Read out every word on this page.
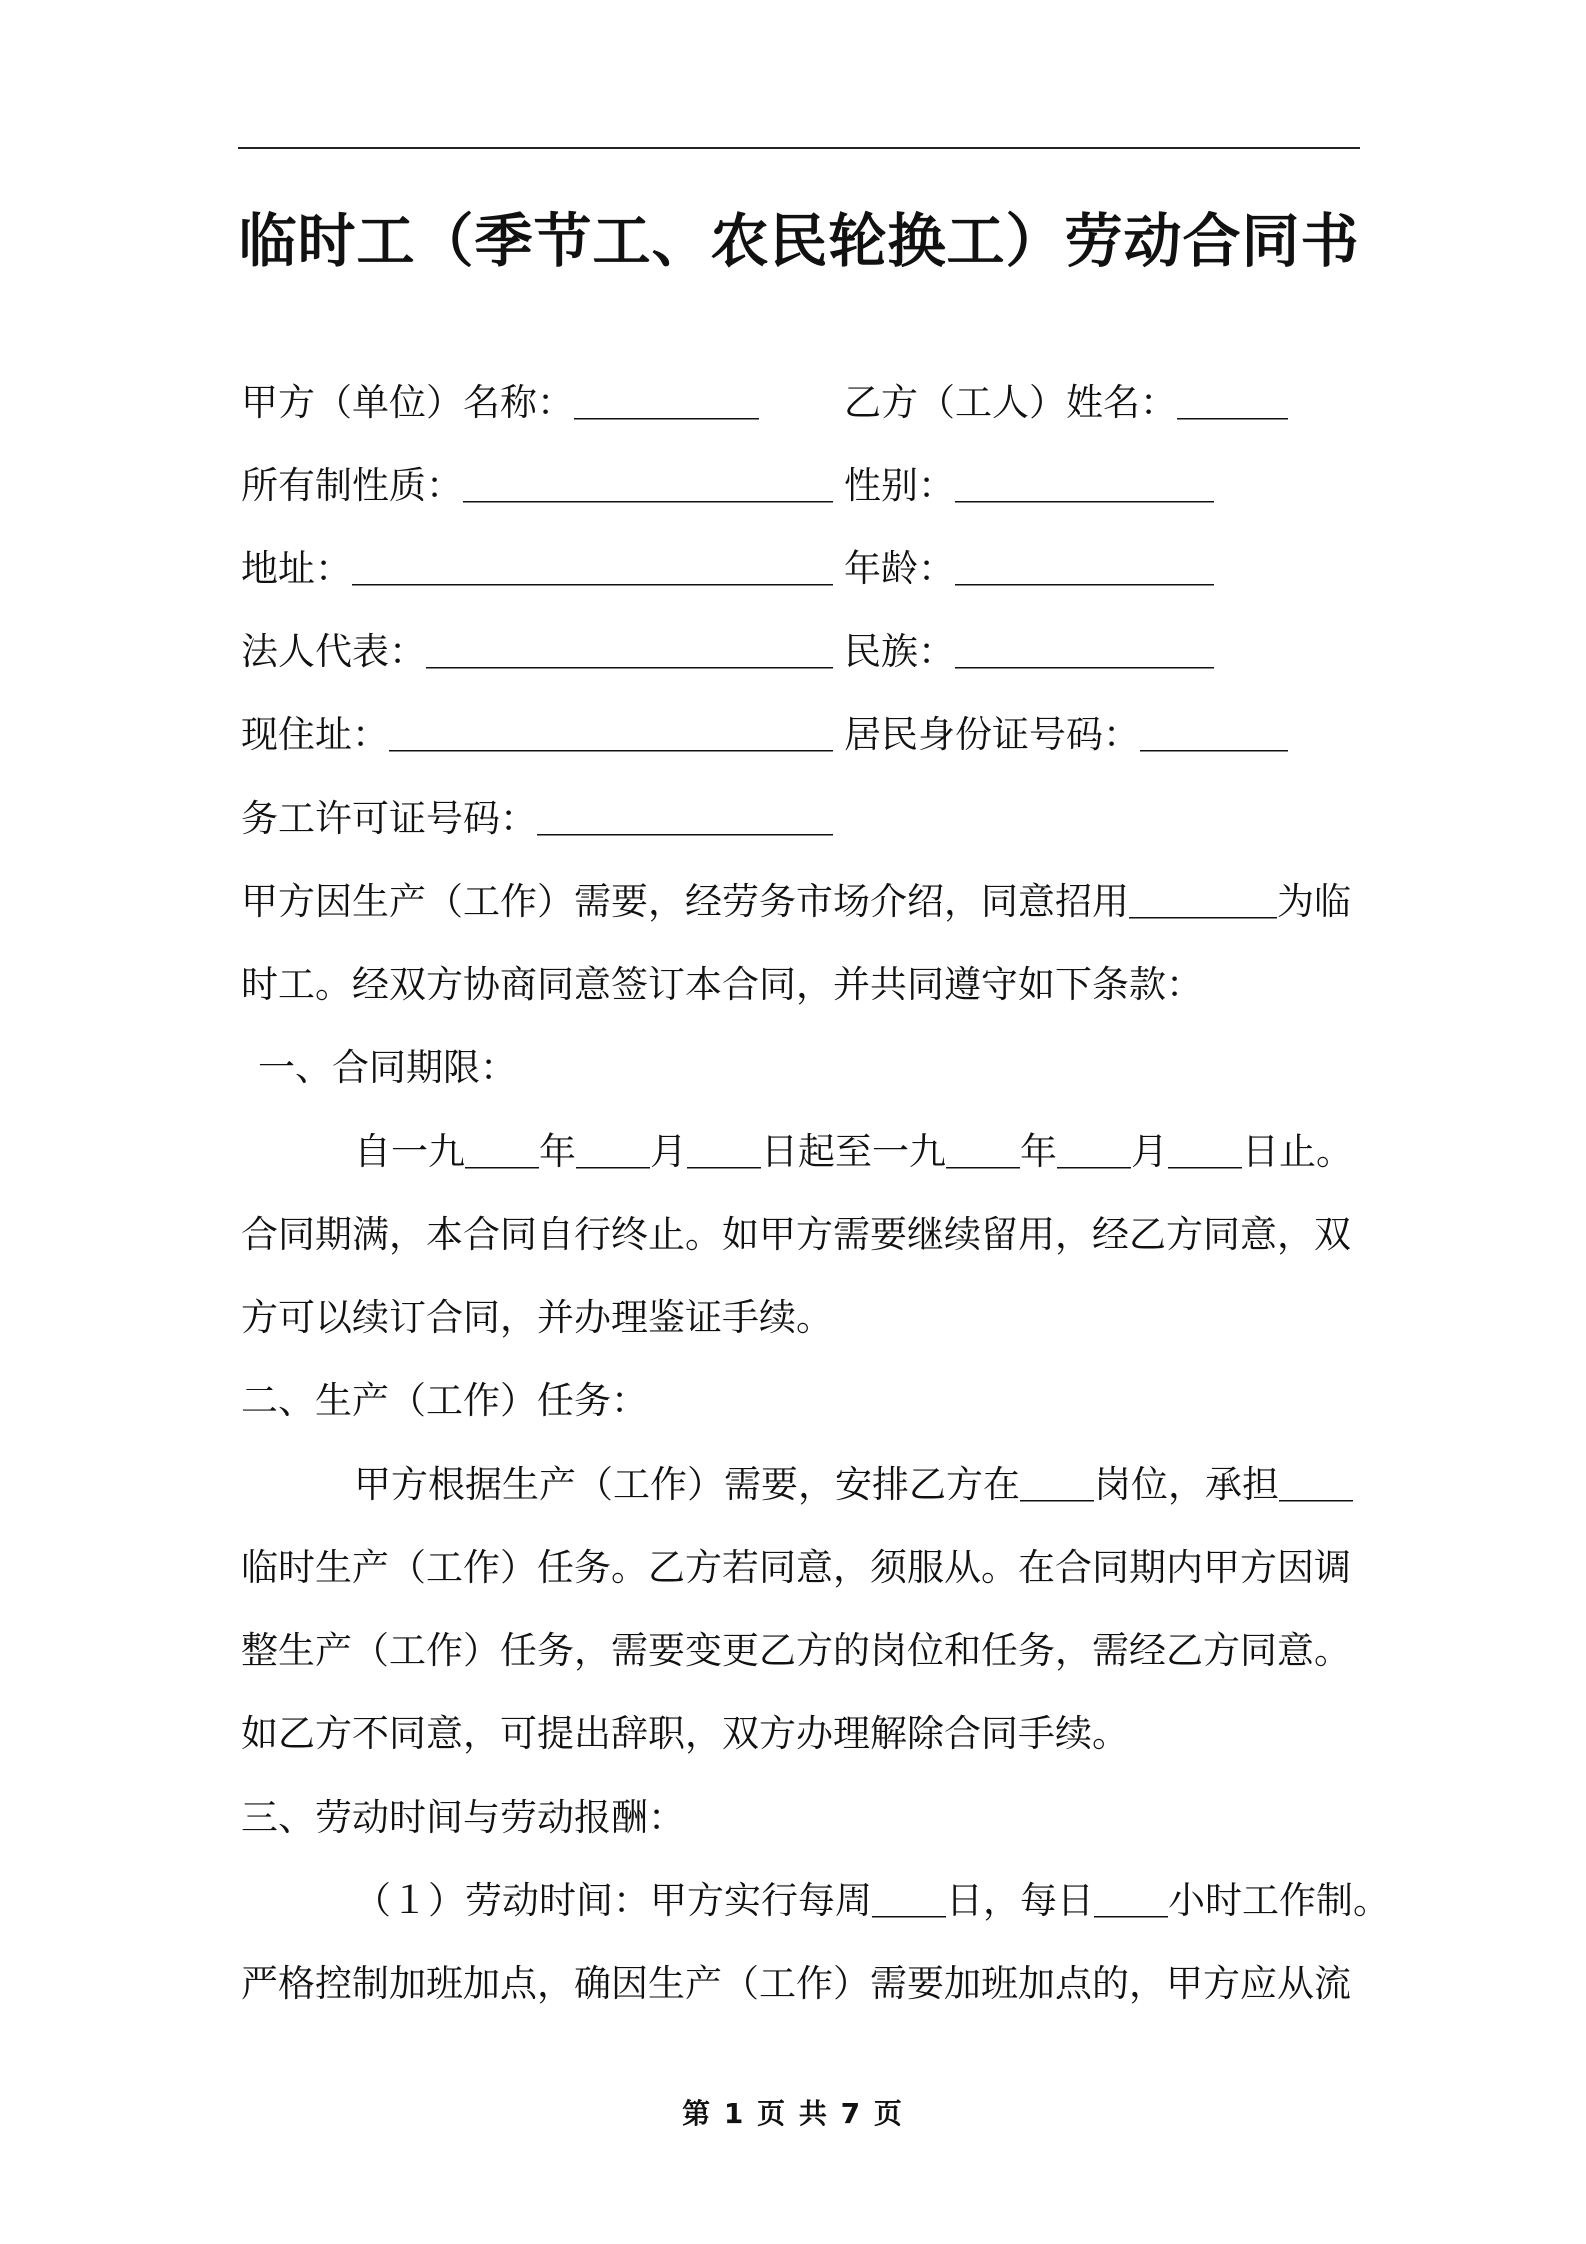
临时工（季节工、农民轮换工）劳动合同书
甲方（单位）名称：＿＿＿＿＿	乙方（工人）姓名：＿＿＿
所有制性质：＿＿＿＿＿＿＿＿＿＿ 性别：＿＿＿＿＿＿＿
地址：＿＿＿＿＿＿＿＿＿＿＿＿＿ 年龄：＿＿＿＿＿＿＿
法人代表：＿＿＿＿＿＿＿＿＿＿＿ 民族：＿＿＿＿＿＿＿
现住址：＿＿＿＿＿＿＿＿＿＿＿＿ 居民身份证号码：＿＿＿＿
务工许可证号码：＿＿＿＿＿＿＿＿
甲方因生产（工作）需要，经劳务市场介绍，同意招用＿＿＿＿为临
时工。经双方协商同意签订本合同，并共同遵守如下条款：
一、合同期限：
自一九＿＿年＿＿月＿＿日起至一九＿＿年＿＿月＿＿日止。
合同期满，本合同自行终止。如甲方需要继续留用，经乙方同意，双
方可以续订合同，并办理鉴证手续。
二、生产（工作）任务：
甲方根据生产（工作）需要，安排乙方在＿＿岗位，承担＿＿
临时生产（工作）任务。乙方若同意，须服从。在合同期内甲方因调
整生产（工作）任务，需要变更乙方的岗位和任务，需经乙方同意。
如乙方不同意，可提出辞职，双方办理解除合同手续。
三、劳动时间与劳动报酬：
（１）劳动时间：甲方实行每周＿＿日，每日＿＿小时工作制。
严格控制加班加点，确因生产（工作）需要加班加点的，甲方应从流
第 1 页 共 7 页
